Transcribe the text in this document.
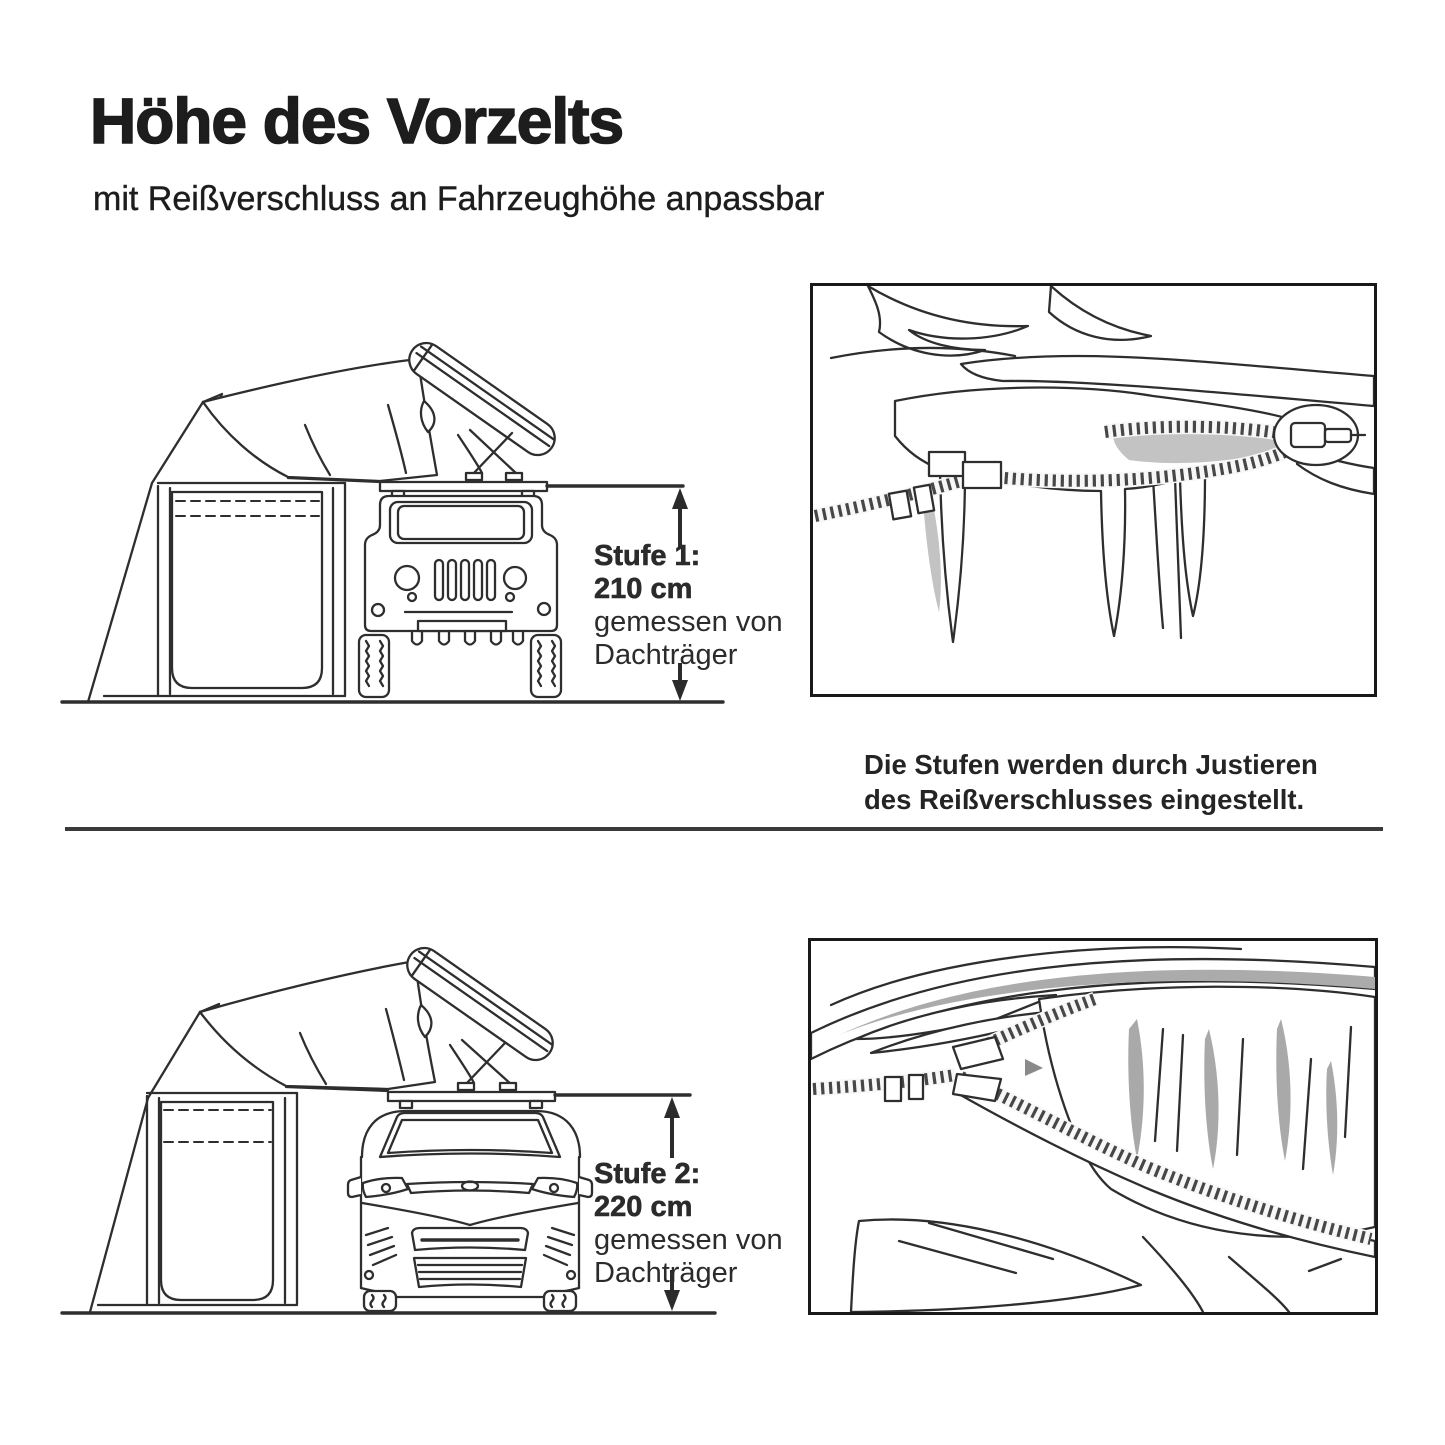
Höhe des Vorzelts
mit Reißverschluss an Fahrzeughöhe anpassbar
Stufe 1:
210 cm
gemessen von
Dachträger
Die Stufen werden durch Justieren
des Reißverschlusses eingestellt.
Stufe 2:
220 cm
gemessen von
Dachträger
